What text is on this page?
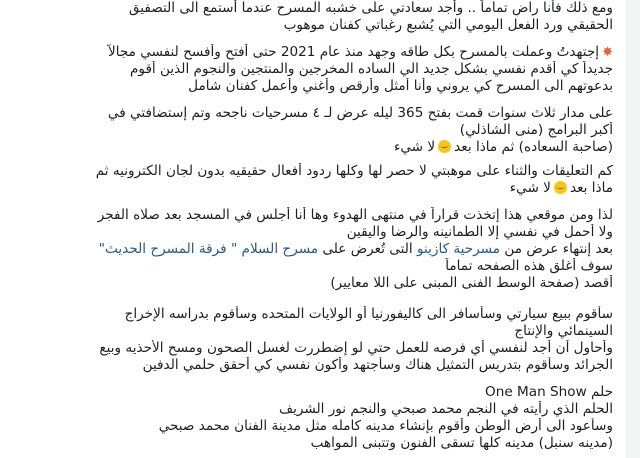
ومع ذلك فأنا راضٍ تماماً .. وأجد سعادتي على خشبه المسرح عندما أستمع الى التصفيق
الحقيقي ورد الفعل اليومي التي يُشبع رغباتي كفنان موهوب
✸إجتهدتُ وعملت بالمسرح بكل طاقه وجهد منذ عام 2021 حتى أفتح وأُفسح لنفسي مجالاً
جديداً كي أقدم نفسي بشكل جديد الي الساده المخرجين والمنتجين والنجوم الذين أقوم
بدعوتهم الى المسرح كي يروني وأنا أمثل وأرقص وأغني وأعمل كفنان شامل
على مدار ثلاث سنوات قمت بفتح 365 ليله عرض لـ ٤ مسرحيات ناجحه وتم إستضافتي في
أكبر البرامج (منى الشاذلي)
(صاحبة السعاده) ثم ماذا بعدلا شيء
كم التعليقات والثناء على موهبتي لا حصر لها وكلها ردود أفعال حقيقيه بدون لجان الكترونيه ثم
ماذا بعدلا شيء
لذا ومن موقعي هذا إتخذت قراراً في منتهى الهدوء وها أنا أجلس في المسجد بعد صلاه الفجر
ولا أحمل في نفسي إلا الطمانينه والرضا واليقين
بعد إنتهاء عرض من مسرحية كازينو التى تُعرض على مسرح السلام " فرقة المسرح الحديث"
سوف أغلق هذه الصفحه تماماً
أقصد (صفحة الوسط الفنى المبنى على اللا معايير)
سأقوم ببيع سيارتي وسأسافر الى كاليفورنيا أو الولايات المتحده وسأقوم بدراسه الإخراج
السينمائي والإنتاج
وأحاول أن أجد لنفسي أي فرصه للعمل حتي لو إضطررت لغسل الصحون ومسح الأحذيه وبيع
الجرائد وسأقوم بتدريس التمثيل هناك وسأجتهد وأكون نفسي كي أحقق حلمي الدفين
حلم One Man Show
الحلم الذي رأيته في النجم محمد صبحي والنجم نور الشريف
وسأعود الى أرض الوطن وأقوم بإنشاء مدينه كامله مثل مدينة الفنان محمد صبحي
(مدينه سنبل) مدينه كلها تسقى الفنون وتتبنى المواهب
